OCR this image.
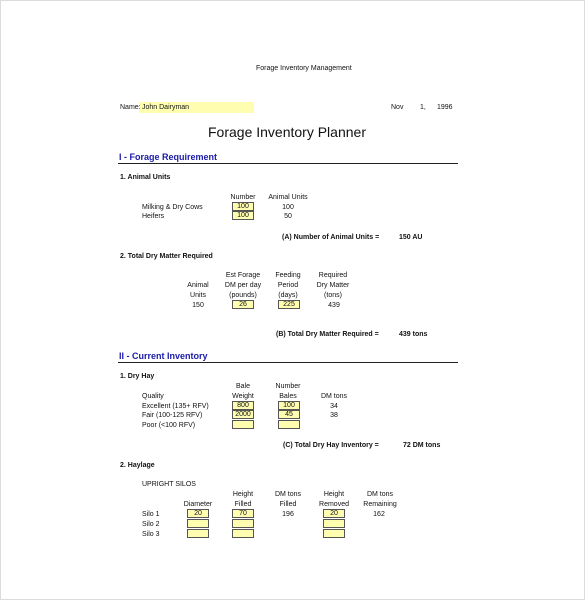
Forage Inventory Management
Name: John Dairyman	Nov 1, 1996
Forage Inventory Planner
I - Forage Requirement
1. Animal Units
Number	Animal Units
Milking & Dry Cows	100	100
Heifers	100	50
(A) Number of Animal Units =	150 AU
2. Total Dry Matter Required
Est Forage	Feeding	Required
Animal	DM per day	Period	Dry Matter
Units	(pounds)	(days)	(tons)
150	26	225	439
(B) Total Dry Matter Required =	439 tons
II - Current Inventory
1. Dry Hay
Bale	Number
Quality	Weight	Bales	DM tons
Excellent (135+ RFV)	800	100	34
Fair (100-125 RFV)	2000	45	38
Poor (<100 RFV)
(C) Total Dry Hay Inventory =	72 DM tons
2. Haylage
UPRIGHT SILOS
Height	DM tons	Height	DM tons
Diameter	Filled	Filled	Removed	Remaining
Silo 1	20	70	196	20	162
Silo 2
Silo 3
